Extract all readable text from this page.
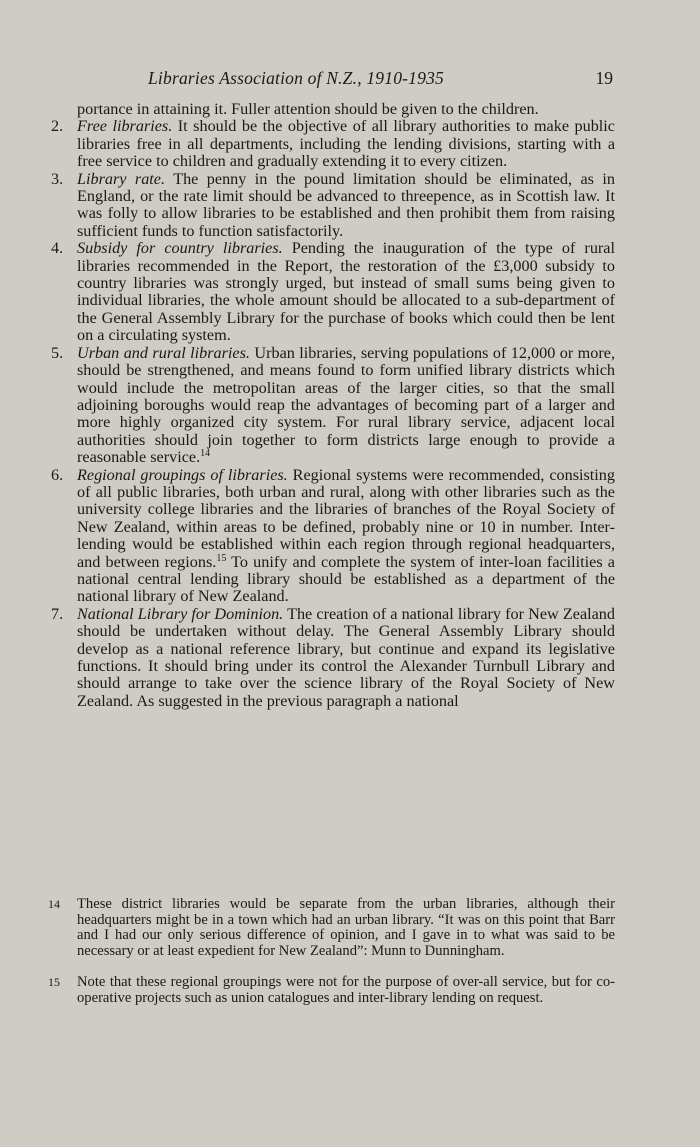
Libraries Association of N.Z., 1910-1935	19

portance in attaining it. Fuller attention should be given to the children.

2. Free libraries. It should be the objective of all library authorities to make public libraries free in all departments, including the lending divisions, starting with a free service to children and gradually extending it to every citizen.

3. Library rate. The penny in the pound limitation should be eliminated, as in England, or the rate limit should be advanced to threepence, as in Scottish law. It was folly to allow libraries to be established and then prohibit them from raising sufficient funds to function satisfactorily.

4. Subsidy for country libraries. Pending the inauguration of the type of rural libraries recommended in the Report, the restoration of the £3,000 subsidy to country libraries was strongly urged, but instead of small sums being given to individual libraries, the whole amount should be allocated to a sub-department of the General Assembly Library for the purchase of books which could then be lent on a circulating system.

5. Urban and rural libraries. Urban libraries, serving populations of 12,000 or more, should be strengthened, and means found to form unified library districts which would include the metropolitan areas of the larger cities, so that the small adjoining boroughs would reap the advantages of becoming part of a larger and more highly organized city system. For rural library service, adjacent local authorities should join together to form districts large enough to provide a reasonable service.$^{14}$

6. Regional groupings of libraries. Regional systems were recommended, consisting of all public libraries, both urban and rural, along with other libraries such as the university college libraries and the libraries of branches of the Royal Society of New Zealand, within areas to be defined, probably nine or 10 in number. Inter-lending would be established within each region through regional headquarters, and between regions.$^{15}$ To unify and complete the system of inter-loan facilities a national central lending library should be established as a department of the national library of New Zealand.

7. National Library for Dominion. The creation of a national library for New Zealand should be undertaken without delay. The General Assembly Library should develop as a national reference library, but continue and expand its legislative functions. It should bring under its control the Alexander Turnbull Library and should arrange to take over the science library of the Royal Society of New Zealand. As suggested in the previous paragraph a national

14 These district libraries would be separate from the urban libraries, although their headquarters might be in a town which had an urban library. “It was on this point that Barr and I had our only serious difference of opinion, and I gave in to what was said to be necessary or at least expedient for New Zealand”: Munn to Dunningham.

15 Note that these regional groupings were not for the purpose of over-all service, but for co-operative projects such as union catalogues and inter-library lending on request.
